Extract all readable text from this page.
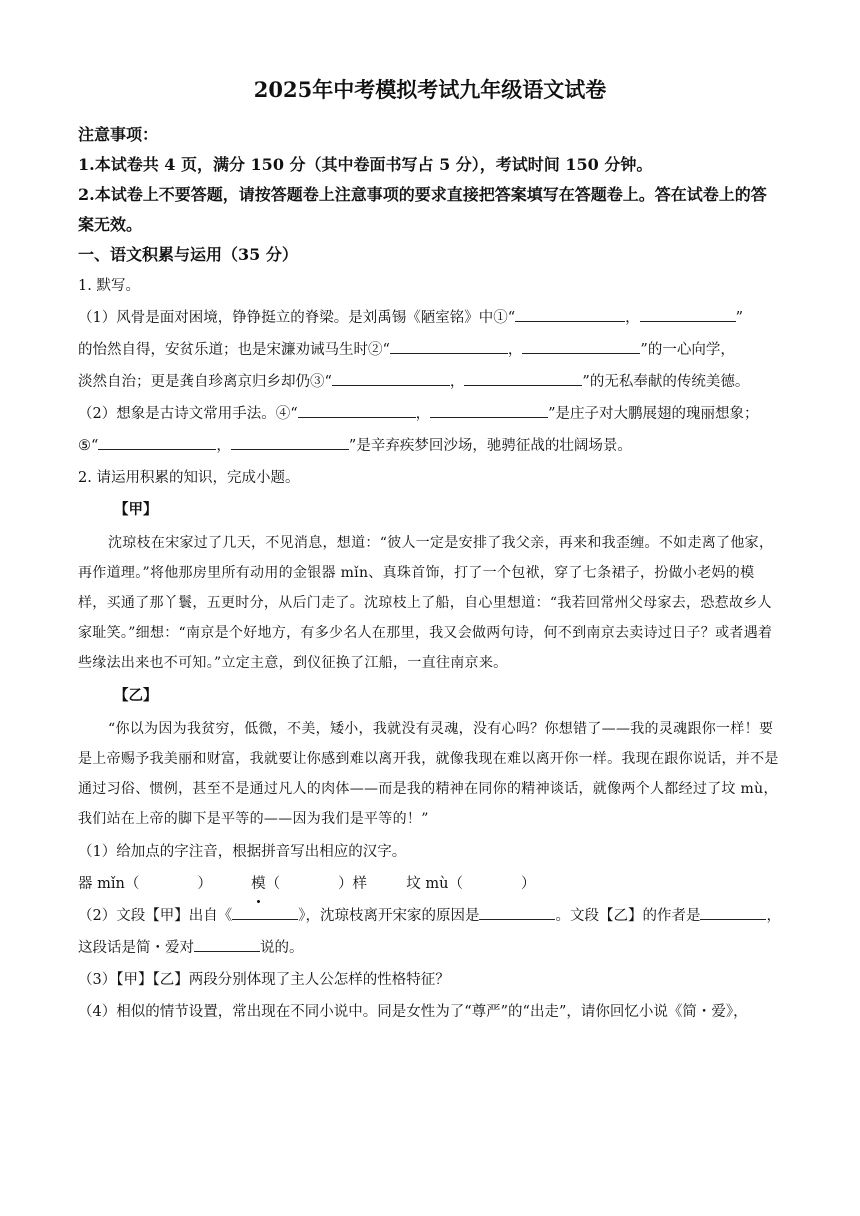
2025年中考模拟考试九年级语文试卷
注意事项：

1.本试卷共 4 页，满分 150 分（其中卷面书写占 5 分），考试时间 150 分钟。

2.本试卷上不要答题，请按答题卷上注意事项的要求直接把答案填写在答题卷上。答在试卷上的答案无效。

一、语文积累与运用（35 分）

1. 默写。

（1）风骨是面对困境，铮铮挺立的脊梁。是刘禹锡《陋室铭》中①“	，	”

的怡然自得，安贫乐道；也是宋濂劝诫马生时②“	，	”的一心向学，

淡然自治；更是龚自珍离京归乡却仍③“	，	”的无私奉献的传统美德。

（2）想象是古诗文常用手法。④“	，	”是庄子对大鹏展翅的瑰丽想象；

⑤“	，	”是辛弃疾梦回沙场，驰骋征战的壮阔场景。

2. 请运用积累的知识，完成小题。

【甲】

沈琼枝在宋家过了几天，不见消息，想道：“彼人一定是安排了我父亲，再来和我歪缠。不如走离了他家，再作道理。”将他那房里所有动用的金银器 mǐn、真珠首饰，打了一个包袱，穿了七条裙子，扮做小老妈的模样，买通了那丫鬟，五更时分，从后门走了。沈琼枝上了船，自心里想道：“我若回常州父母家去，恐惹故乡人家耻笑。”细想：“南京是个好地方，有多少名人在那里，我又会做两句诗，何不到南京去卖诗过日子？或者遇着些缘法出来也不可知。”立定主意，到仪征换了江船，一直往南京来。

【乙】

“你以为因为我贫穷，低微，不美，矮小，我就没有灵魂，没有心吗？你想错了——我的灵魂跟你一样！要是上帝赐予我美丽和财富，我就要让你感到难以离开我，就像我现在难以离开你一样。我现在跟你说话，并不是通过习俗、惯例，甚至不是通过凡人的肉体——而是我的精神在同你的精神谈话，就像两个人都经过了坟 mù，我们站在上帝的脚下是平等的——因为我们是平等的！”

（1）给加点的字注音，根据拼音写出相应的汉字。

器 mǐn（	）	模（	）样	坟 mù（	）

（2）文段【甲】出自《	》，沈琼枝离开宋家的原因是	。文段【乙】的作者是	，

这段话是简・爱对	说的。

（3）【甲】【乙】两段分别体现了主人公怎样的性格特征？

（4）相似的情节设置，常出现在不同小说中。同是女性为了“尊严”的“出走”，请你回忆小说《简・爱》，
